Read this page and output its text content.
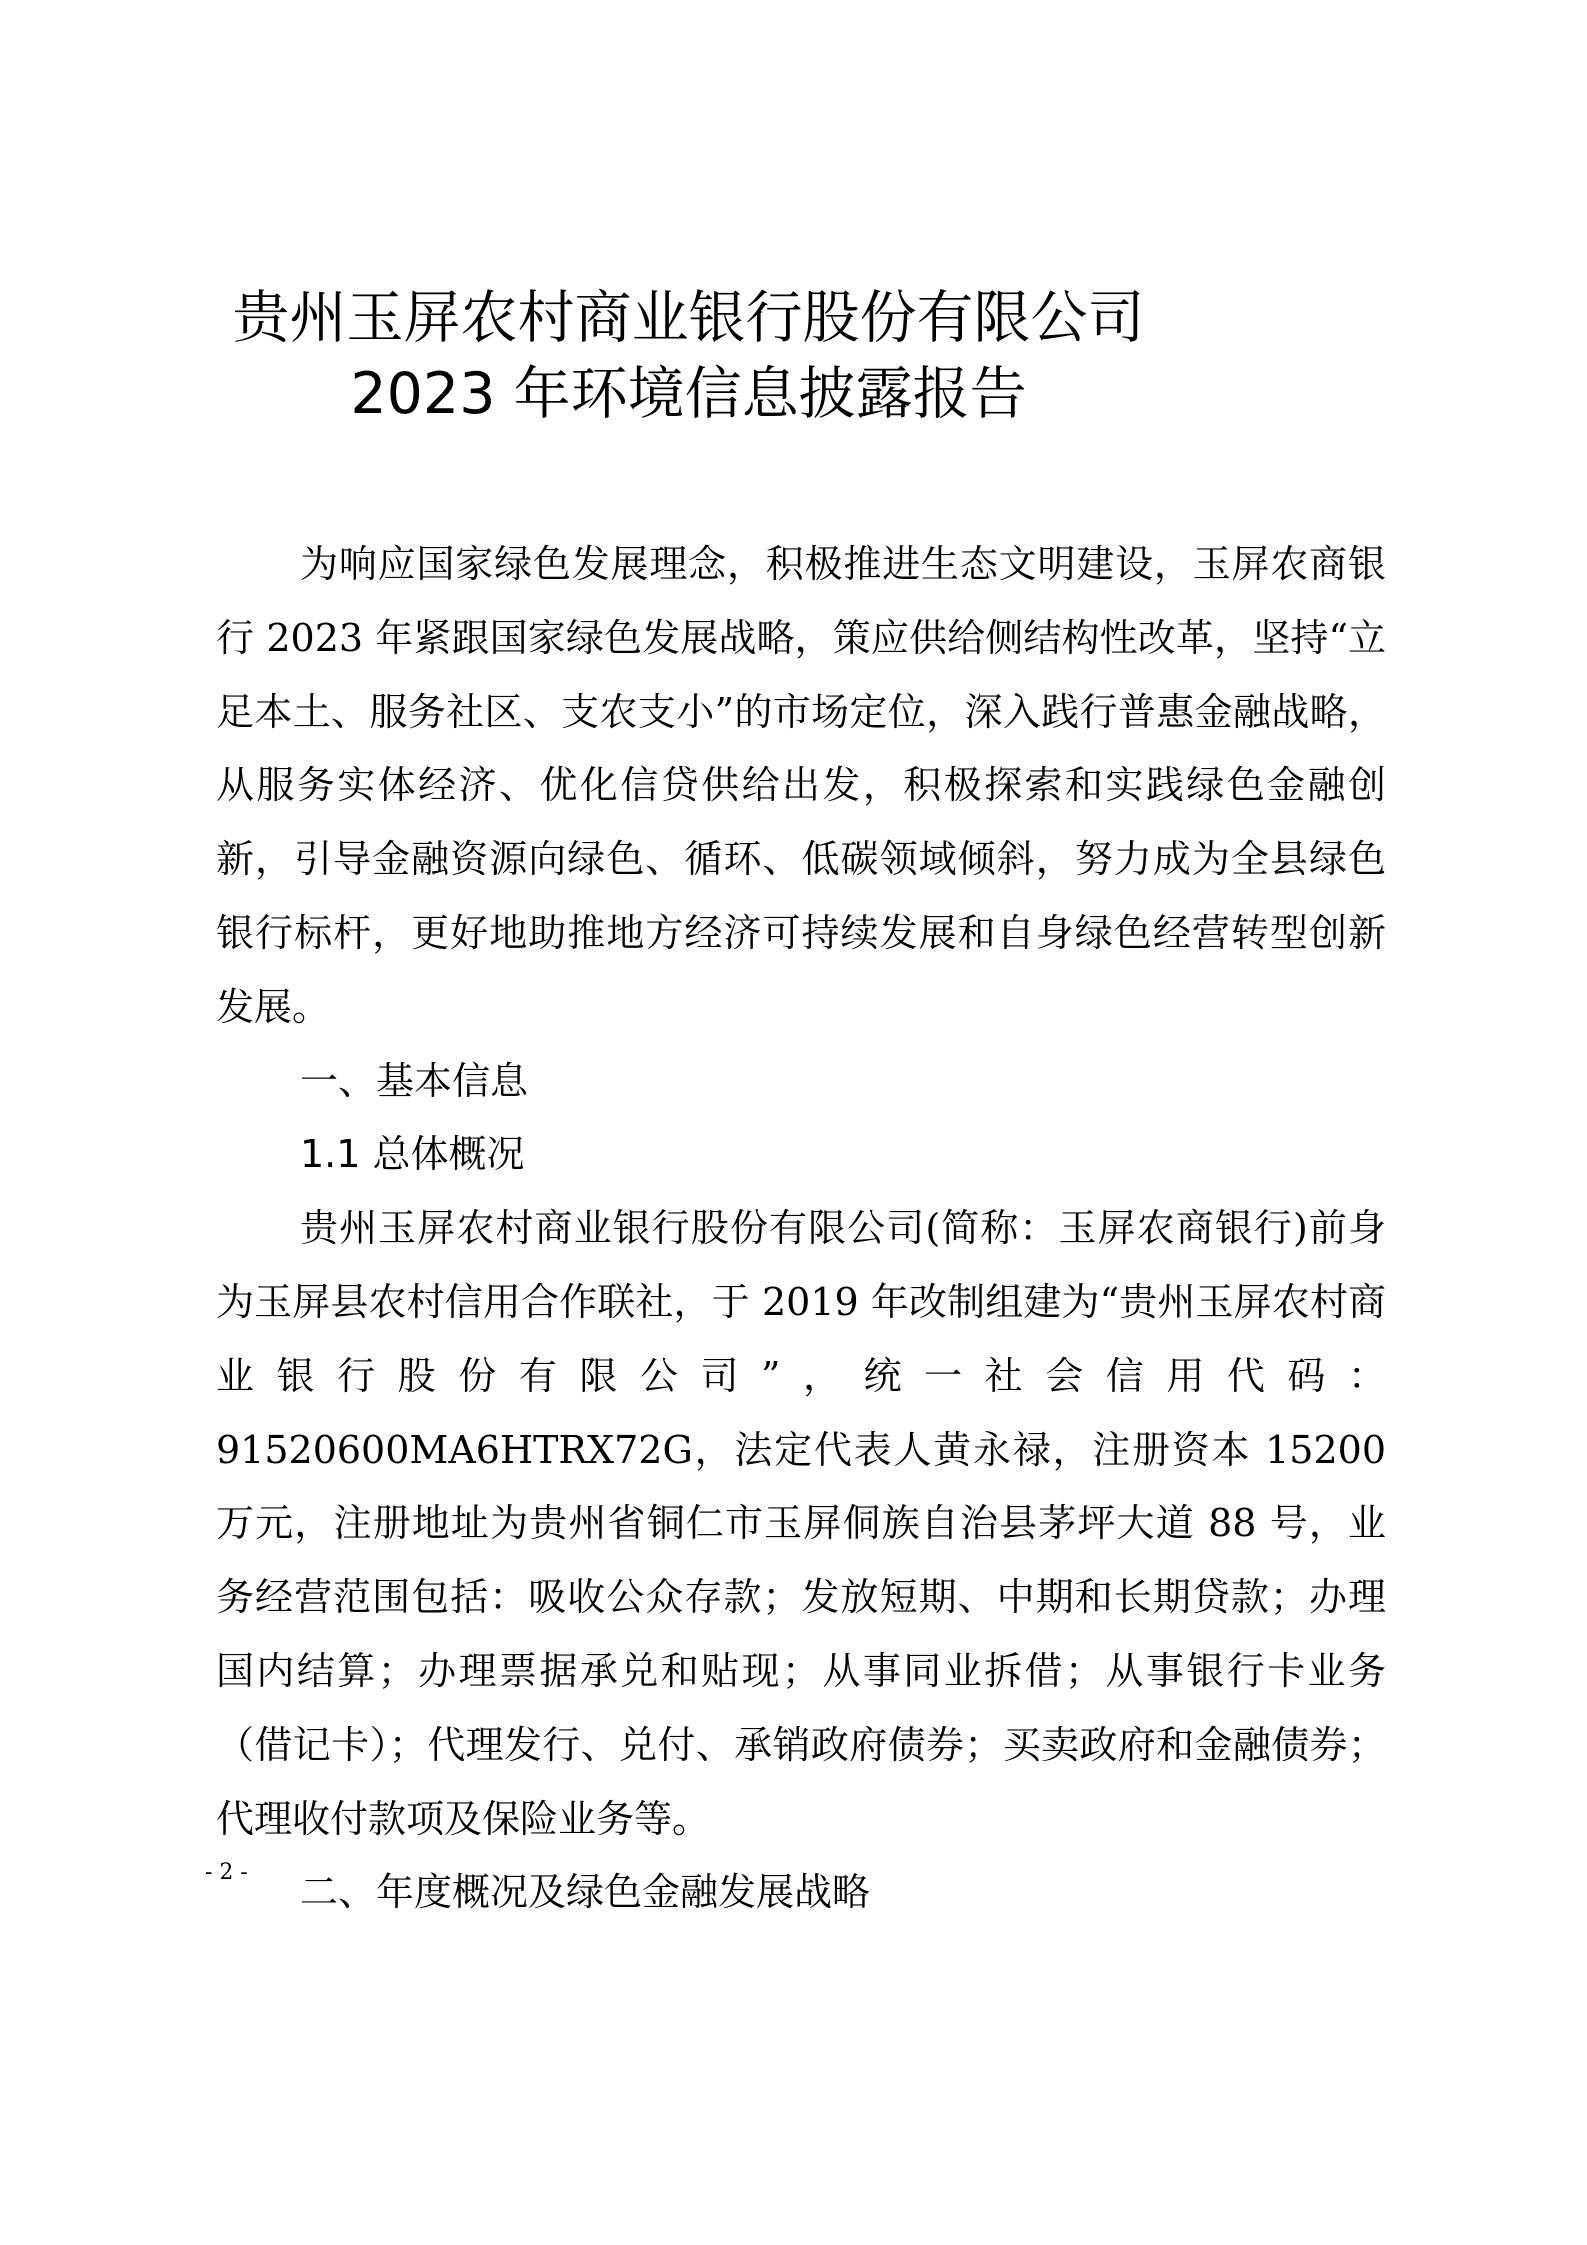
贵州玉屏农村商业银行股份有限公司
2023 年环境信息披露报告

为响应国家绿色发展理念，积极推进生态文明建设，玉屏农商银行 2023 年紧跟国家绿色发展战略，策应供给侧结构性改革，坚持“立足本土、服务社区、支农支小”的市场定位，深入践行普惠金融战略，从服务实体经济、优化信贷供给出发，积极探索和实践绿色金融创新，引导金融资源向绿色、循环、低碳领域倾斜，努力成为全县绿色银行标杆，更好地助推地方经济可持续发展和自身绿色经营转型创新发展。

一、基本信息

1.1 总体概况

贵州玉屏农村商业银行股份有限公司(简称：玉屏农商银行)前身为玉屏县农村信用合作联社，于 2019 年改制组建为“贵州玉屏农村商业银行股份有限公司”，统一社会信用代码：91520600MA6HTRX72G，法定代表人黄永禄，注册资本 15200 万元，注册地址为贵州省铜仁市玉屏侗族自治县茅坪大道 88 号，业务经营范围包括：吸收公众存款；发放短期、中期和长期贷款；办理国内结算；办理票据承兑和贴现；从事同业拆借；从事银行卡业务（借记卡）；代理发行、兑付、承销政府债券；买卖政府和金融债券；代理收付款项及保险业务等。

二、年度概况及绿色金融发展战略

- 2 -
